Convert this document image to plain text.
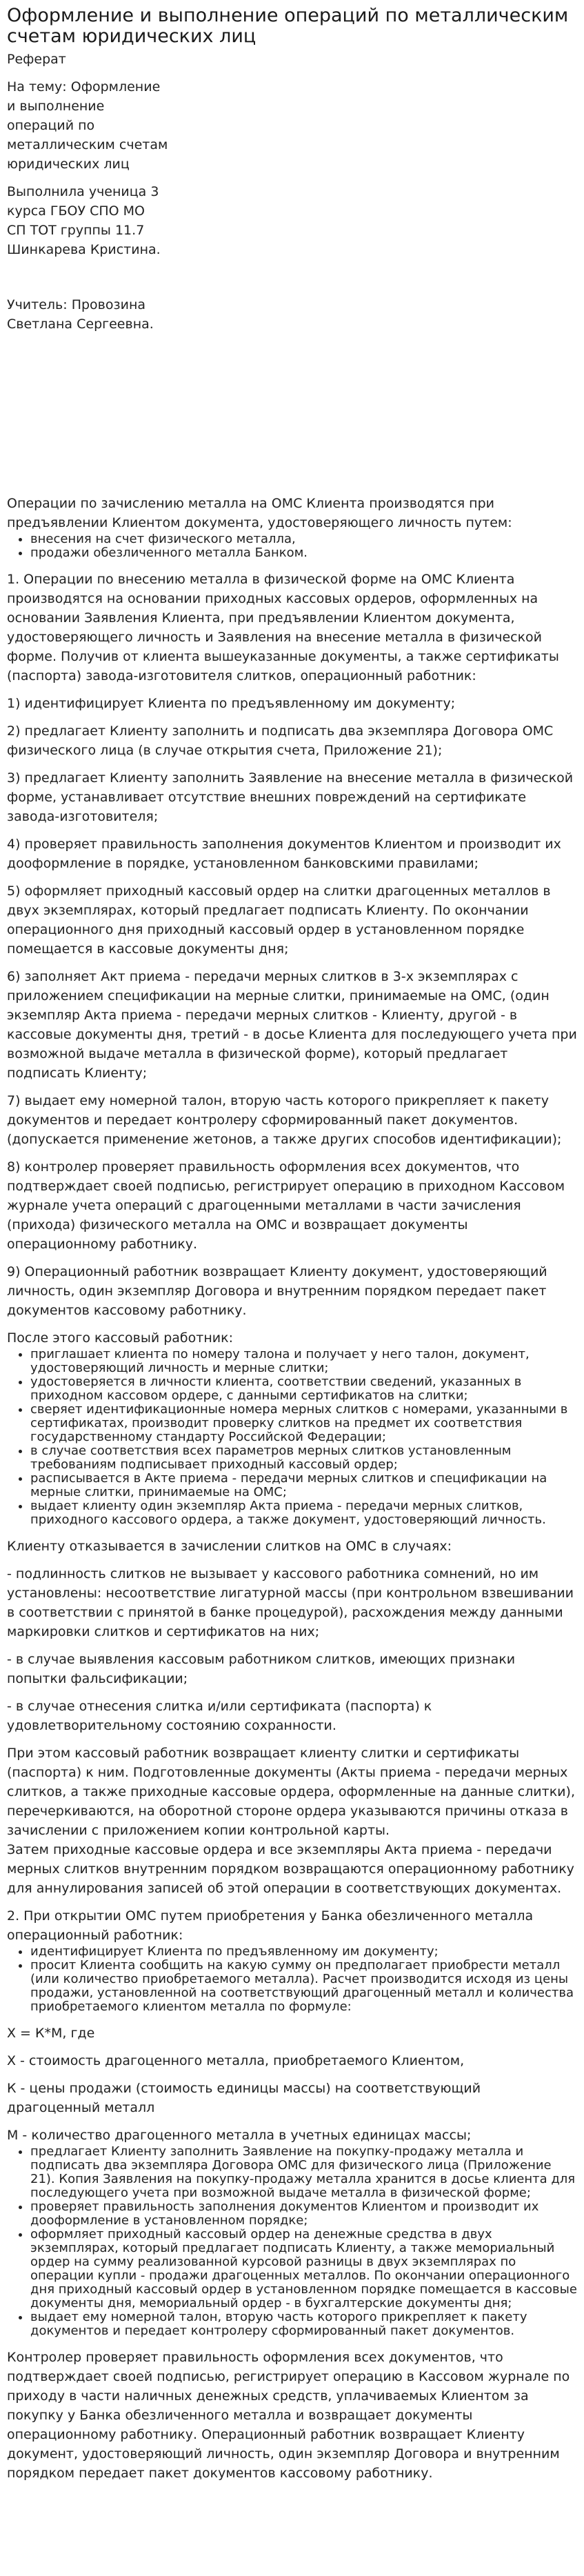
Оформление и выполнение операций по металлическим счетам юридических лиц
Реферат
На тему: Оформление
и выполнение
операций по
металлическим счетам
юридических лиц
Выполнила ученица 3
курса ГБОУ СПО МО
СП ТОТ группы 11.7
Шинкарева Кристина.
Учитель: Провозина
Светлана Сергеевна.
Операции по зачислению металла на ОМС Клиента производятся при предъявлении Клиентом документа, удостоверяющего личность путем:
• внесения на счет физического металла,
• продажи обезличенного металла Банком.
1. Операции по внесению металла в физической форме на ОМС Клиента производятся на основании приходных кассовых ордеров, оформленных на основании Заявления Клиента, при предъявлении Клиентом документа, удостоверяющего личность и Заявления на внесение металла в физической форме. Получив от клиента вышеуказанные документы, а также сертификаты (паспорта) завода-изготовителя слитков, операционный работник:
1) идентифицирует Клиента по предъявленному им документу;
2) предлагает Клиенту заполнить и подписать два экземпляра Договора ОМС физического лица (в случае открытия счета, Приложение 21);
3) предлагает Клиенту заполнить Заявление на внесение металла в физической форме, устанавливает отсутствие внешних повреждений на сертификате завода-изготовителя;
4) проверяет правильность заполнения документов Клиентом и производит их дооформление в порядке, установленном банковскими правилами;
5) оформляет приходный кассовый ордер на слитки драгоценных металлов в двух экземплярах, который предлагает подписать Клиенту. По окончании операционного дня приходный кассовый ордер в установленном порядке помещается в кассовые документы дня;
6) заполняет Акт приема - передачи мерных слитков в 3-х экземплярах с приложением спецификации на мерные слитки, принимаемые на ОМС, (один экземпляр Акта приема - передачи мерных слитков - Клиенту, другой - в кассовые документы дня, третий - в досье Клиента для последующего учета при возможной выдаче металла в физической форме), который предлагает подписать Клиенту;
7) выдает ему номерной талон, вторую часть которого прикрепляет к пакету документов и передает контролеру сформированный пакет документов. (допускается применение жетонов, а также других способов идентификации);
8) контролер проверяет правильность оформления всех документов, что подтверждает своей подписью, регистрирует операцию в приходном Кассовом журнале учета операций с драгоценными металлами в части зачисления (прихода) физического металла на ОМС и возвращает документы операционному работнику.
9) Операционный работник возвращает Клиенту документ, удостоверяющий личность, один экземпляр Договора и внутренним порядком передает пакет документов кассовому работнику.
После этого кассовый работник:
• приглашает клиента по номеру талона и получает у него талон, документ, удостоверяющий личность и мерные слитки;
• удостоверяется в личности клиента, соответствии сведений, указанных в приходном кассовом ордере, с данными сертификатов на слитки;
• сверяет идентификационные номера мерных слитков с номерами, указанными в сертификатах, производит проверку слитков на предмет их соответствия государственному стандарту Российской Федерации;
• в случае соответствия всех параметров мерных слитков установленным требованиям подписывает приходный кассовый ордер;
• расписывается в Акте приема - передачи мерных слитков и спецификации на мерные слитки, принимаемые на ОМС;
• выдает клиенту один экземпляр Акта приема - передачи мерных слитков, приходного кассового ордера, а также документ, удостоверяющий личность.
Клиенту отказывается в зачислении слитков на ОМС в случаях:
- подлинность слитков не вызывает у кассового работника сомнений, но им установлены: несоответствие лигатурной массы (при контрольном взвешивании в соответствии с принятой в банке процедурой), расхождения между данными маркировки слитков и сертификатов на них;
- в случае выявления кассовым работником слитков, имеющих признаки попытки фальсификации;
- в случае отнесения слитка и/или сертификата (паспорта) к удовлетворительному состоянию сохранности.
При этом кассовый работник возвращает клиенту слитки и сертификаты (паспорта) к ним. Подготовленные документы (Акты приема - передачи мерных слитков, а также приходные кассовые ордера, оформленные на данные слитки), перечеркиваются, на оборотной стороне ордера указываются причины отказа в зачислении с приложением копии контрольной карты.
Затем приходные кассовые ордера и все экземпляры Акта приема - передачи мерных слитков внутренним порядком возвращаются операционному работнику для аннулирования записей об этой операции в соответствующих документах.
2. При открытии ОМС путем приобретения у Банка обезличенного металла операционный работник:
• идентифицирует Клиента по предъявленному им документу;
• просит Клиента сообщить на какую сумму он предполагает приобрести металл (или количество приобретаемого металла). Расчет производится исходя из цены продажи, установленной на соответствующий драгоценный металл и количества приобретаемого клиентом металла по формуле:
Х = К*М, где
Х - стоимость драгоценного металла, приобретаемого Клиентом,
К - цены продажи (стоимость единицы массы) на соответствующий драгоценный металл
М - количество драгоценного металла в учетных единицах массы;
• предлагает Клиенту заполнить Заявление на покупку-продажу металла и подписать два экземпляра Договора ОМС для физического лица (Приложение 21). Копия Заявления на покупку-продажу металла хранится в досье клиента для последующего учета при возможной выдаче металла в физической форме;
• проверяет правильность заполнения документов Клиентом и производит их дооформление в установленном порядке;
• оформляет приходный кассовый ордер на денежные средства в двух экземплярах, который предлагает подписать Клиенту, а также мемориальный ордер на сумму реализованной курсовой разницы в двух экземплярах по операции купли - продажи драгоценных металлов. По окончании операционного дня приходный кассовый ордер в установленном порядке помещается в кассовые документы дня, мемориальный ордер - в бухгалтерские документы дня;
• выдает ему номерной талон, вторую часть которого прикрепляет к пакету документов и передает контролеру сформированный пакет документов.
Контролер проверяет правильность оформления всех документов, что подтверждает своей подписью, регистрирует операцию в Кассовом журнале по приходу в части наличных денежных средств, уплачиваемых Клиентом за покупку у Банка обезличенного металла и возвращает документы операционному работнику. Операционный работник возвращает Клиенту документ, удостоверяющий личность, один экземпляр Договора и внутренним порядком передает пакет документов кассовому работнику.
